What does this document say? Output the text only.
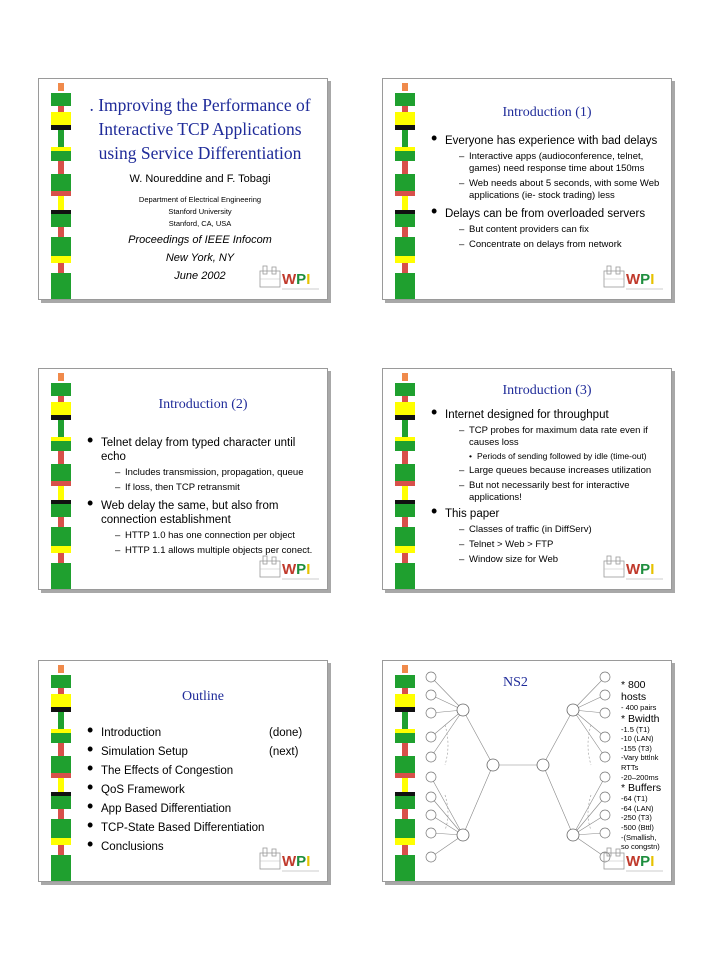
. Improving the Performance of Interactive TCP Applications using Service Differentiation
W. Noureddine and F. Tobagi
Department of Electrical Engineering
Stanford University
Stanford, CA, USA
Proceedings of IEEE Infocom
New York, NY
June 2002	WPI
Introduction (1)
• Everyone has experience with bad delays
– Interactive apps (audioconference, telnet, games) need response time about 150ms
– Web needs about 5 seconds, with some Web applications (ie- stock trading) less
• Delays can be from overloaded servers
– But content providers can fix
– Concentrate on delays from network
WPI
Introduction (2)
• Telnet delay from typed character until echo
– Includes transmission, propagation, queue
– If loss, then TCP retransmit
• Web delay the same, but also from connection establishment
– HTTP 1.0 has one connection per object
– HTTP 1.1 allows multiple objects per conect.
WPI
Introduction (3)
• Internet designed for throughput
– TCP probes for maximum data rate even if causes loss
• Periods of sending followed by idle (time-out)
– Large queues because increases utilization
– But not necessarily best for interactive applications!
• This paper
– Classes of traffic (in DiffServ)
– Telnet > Web > FTP
– Window size for Web
WPI
Outline
• Introduction	(done)
• Simulation Setup	(next)
• The Effects of Congestion
• QoS Framework
• App Based Differentiation
• TCP-State Based Differentiation
• Conclusions
WPI
NS2	* 800 hosts
- 400 pairs
* Bwidth
-1.5 (T1)
-10 (LAN)
-155 (T3)
-Vary bttlnk
RTTs
-20–200ms
* Buffers
-64 (T1)
-64 (LAN)
-250 (T3)
-500 (Bttl)
-(Smallish,
so congstn)
WPI
